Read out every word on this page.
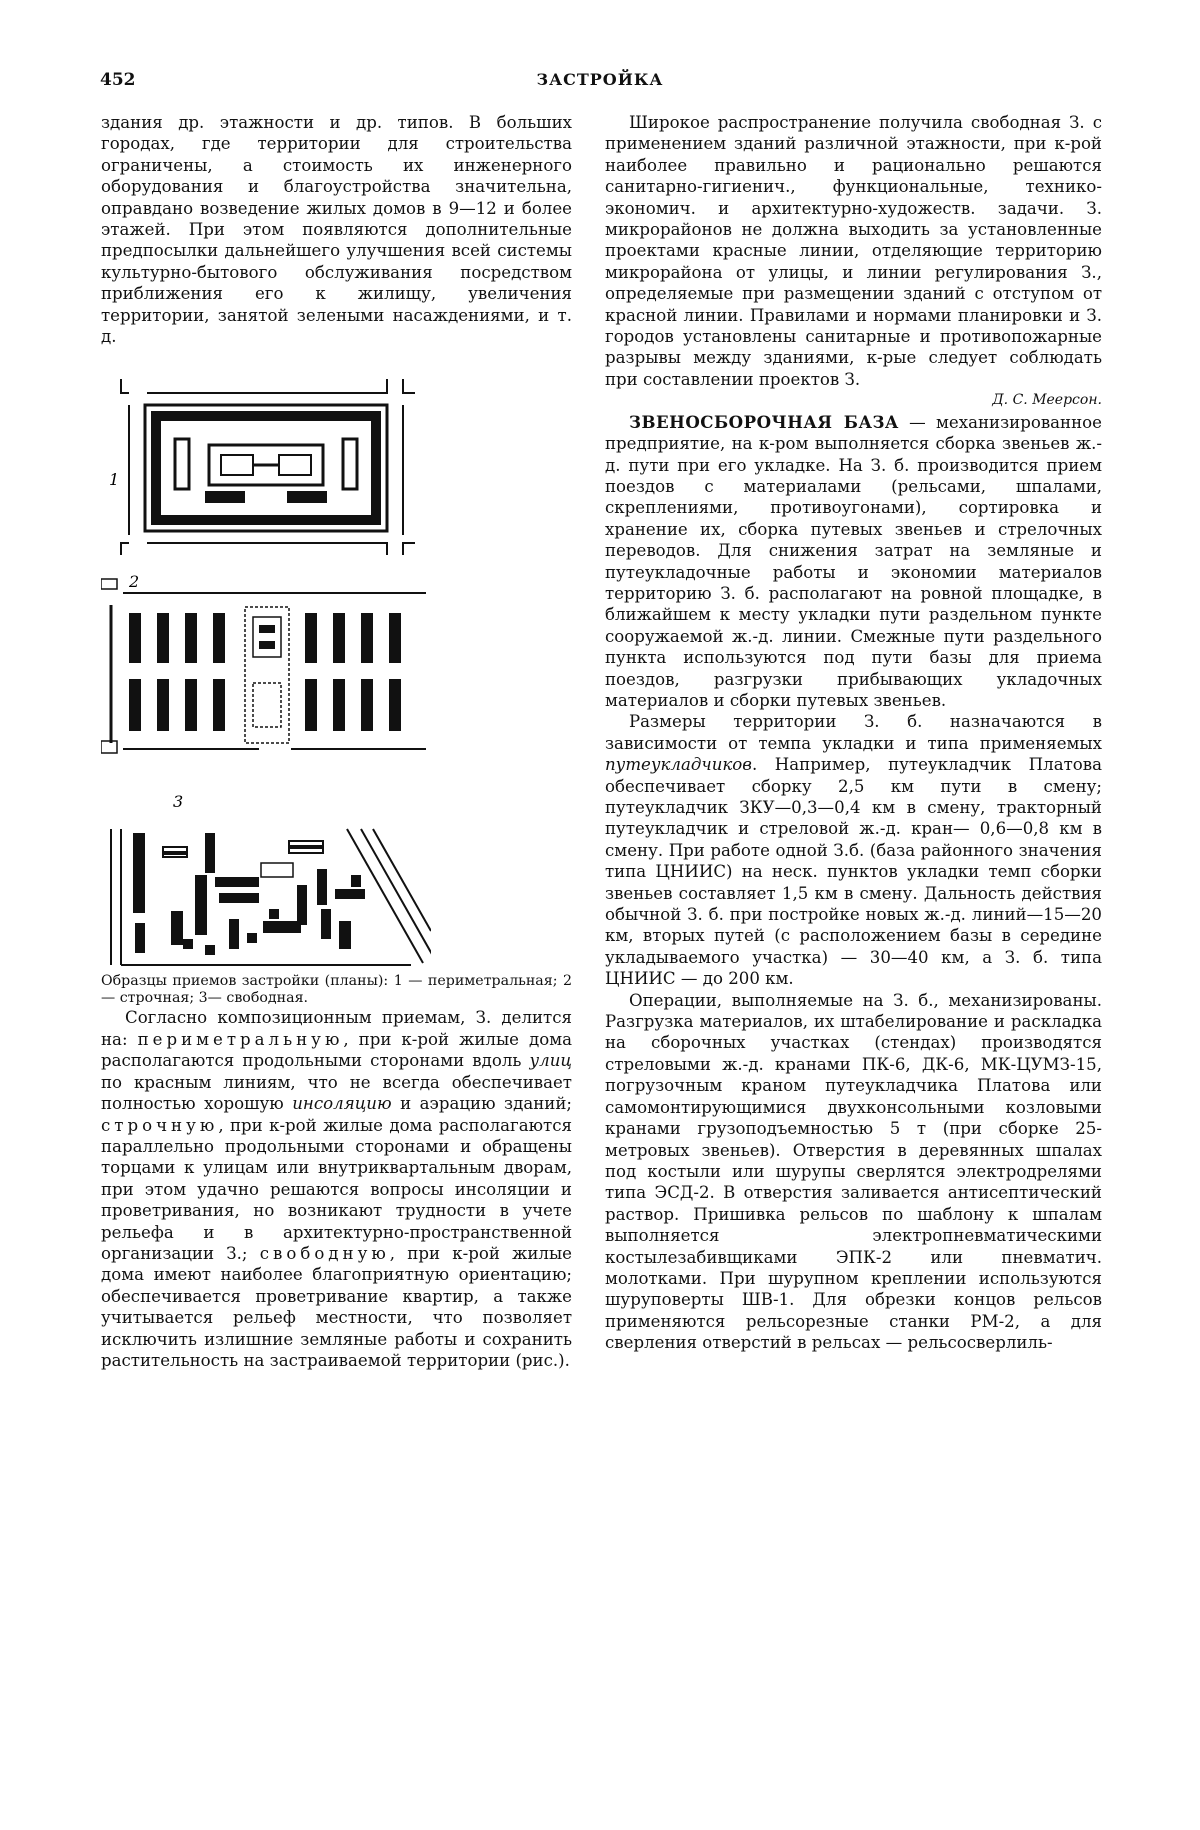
452	ЗАСТРОЙКА

здания др. этажности и др. типов. В больших городах, где территории для строительства ограничены, а стоимость их инженерного оборудования и благоустройства значительна, оправдано возведение жилых домов в 9—12 и более этажей. При этом появляются дополнительные предпосылки дальнейшего улучшения всей системы культурно-бытового обслуживания посредством приближения его к жилищу, увеличения территории, занятой зелеными насаждениями, и т. д.

1
2
3

Образцы приемов застройки (планы): 1 — периметральная; 2— строчная; 3— свободная.

Согласно композиционным приемам, З. делится на: периметральную, при к-рой жилые дома располагаются продольными сторонами вдоль улиц по красным линиям, что не всегда обеспечивает полностью хорошую инсоляцию и аэрацию зданий; строчную, при к-рой жилые дома располагаются параллельно продольными сторонами и обращены торцами к улицам или внутриквартальным дворам, при этом удачно решаются вопросы инсоляции и проветривания, но возникают трудности в учете рельефа и в архитектурно-пространственной организации З.; свободную, при к-рой жилые дома имеют наиболее благоприятную ориентацию; обеспечивается проветривание квартир, а также учитывается рельеф местности, что позволяет исключить излишние земляные работы и сохранить растительность на застраиваемой территории (рис.).

Широкое распространение получила свободная З. с применением зданий различной этажности, при к-рой наиболее правильно и рационально решаются санитарно-гигиенич., функциональные, технико-экономич. и архитектурно-художеств. задачи. З. микрорайонов не должна выходить за установленные проектами красные линии, отделяющие территорию микрорайона от улицы, и линии регулирования З., определяемые при размещении зданий с отступом от красной линии. Правилами и нормами планировки и З. городов установлены санитарные и противопожарные разрывы между зданиями, к-рые следует соблюдать при составлении проектов З.

Д. С. Меерсон.

ЗВЕНОСБОРОЧНАЯ БАЗА — механизированное предприятие, на к-ром выполняется сборка звеньев ж.-д. пути при его укладке. На З. б. производится прием поездов с материалами (рельсами, шпалами, скреплениями, противоугонами), сортировка и хранение их, сборка путевых звеньев и стрелочных переводов. Для снижения затрат на земляные и путеукладочные работы и экономии материалов территорию З. б. располагают на ровной площадке, в ближайшем к месту укладки пути раздельном пункте сооружаемой ж.-д. линии. Смежные пути раздельного пункта используются под пути базы для приема поездов, разгрузки прибывающих укладочных материалов и сборки путевых звеньев.

Размеры территории З. б. назначаются в зависимости от темпа укладки и типа применяемых путеукладчиков. Например, путеукладчик Платова обеспечивает сборку 2,5 км пути в смену; путеукладчик ЗКУ—0,3—0,4 км в смену, тракторный путеукладчик и стреловой ж.-д. кран— 0,6—0,8 км в смену. При работе одной З.б. (база районного значения типа ЦНИИС) на неск. пунктов укладки темп сборки звеньев составляет 1,5 км в смену. Дальность действия обычной З. б. при постройке новых ж.-д. линий—15—20 км, вторых путей (с расположением базы в середине укладываемого участка) — 30—40 км, а З. б. типа ЦНИИС — до 200 км.

Операции, выполняемые на З. б., механизированы. Разгрузка материалов, их штабелирование и раскладка на сборочных участках (стендах) производятся стреловыми ж.-д. кранами ПК-6, ДК-6, МК-ЦУМЗ-15, погрузочным краном путеукладчика Платова или самомонтирующимися двухконсольными козловыми кранами грузоподъемностью 5 т (при сборке 25-метровых звеньев). Отверстия в деревянных шпалах под костыли или шурупы сверлятся электродрелями типа ЭСД-2. В отверстия заливается антисептический раствор. Пришивка рельсов по шаблону к шпалам выполняется электропневматическими костылезабивщиками ЭПК-2 или пневматич. молотками. При шурупном креплении используются шуруповерты ШВ-1. Для обрезки концов рельсов применяются рельсорезные станки РМ-2, а для сверления отверстий в рельсах — рельсосверлиль-
